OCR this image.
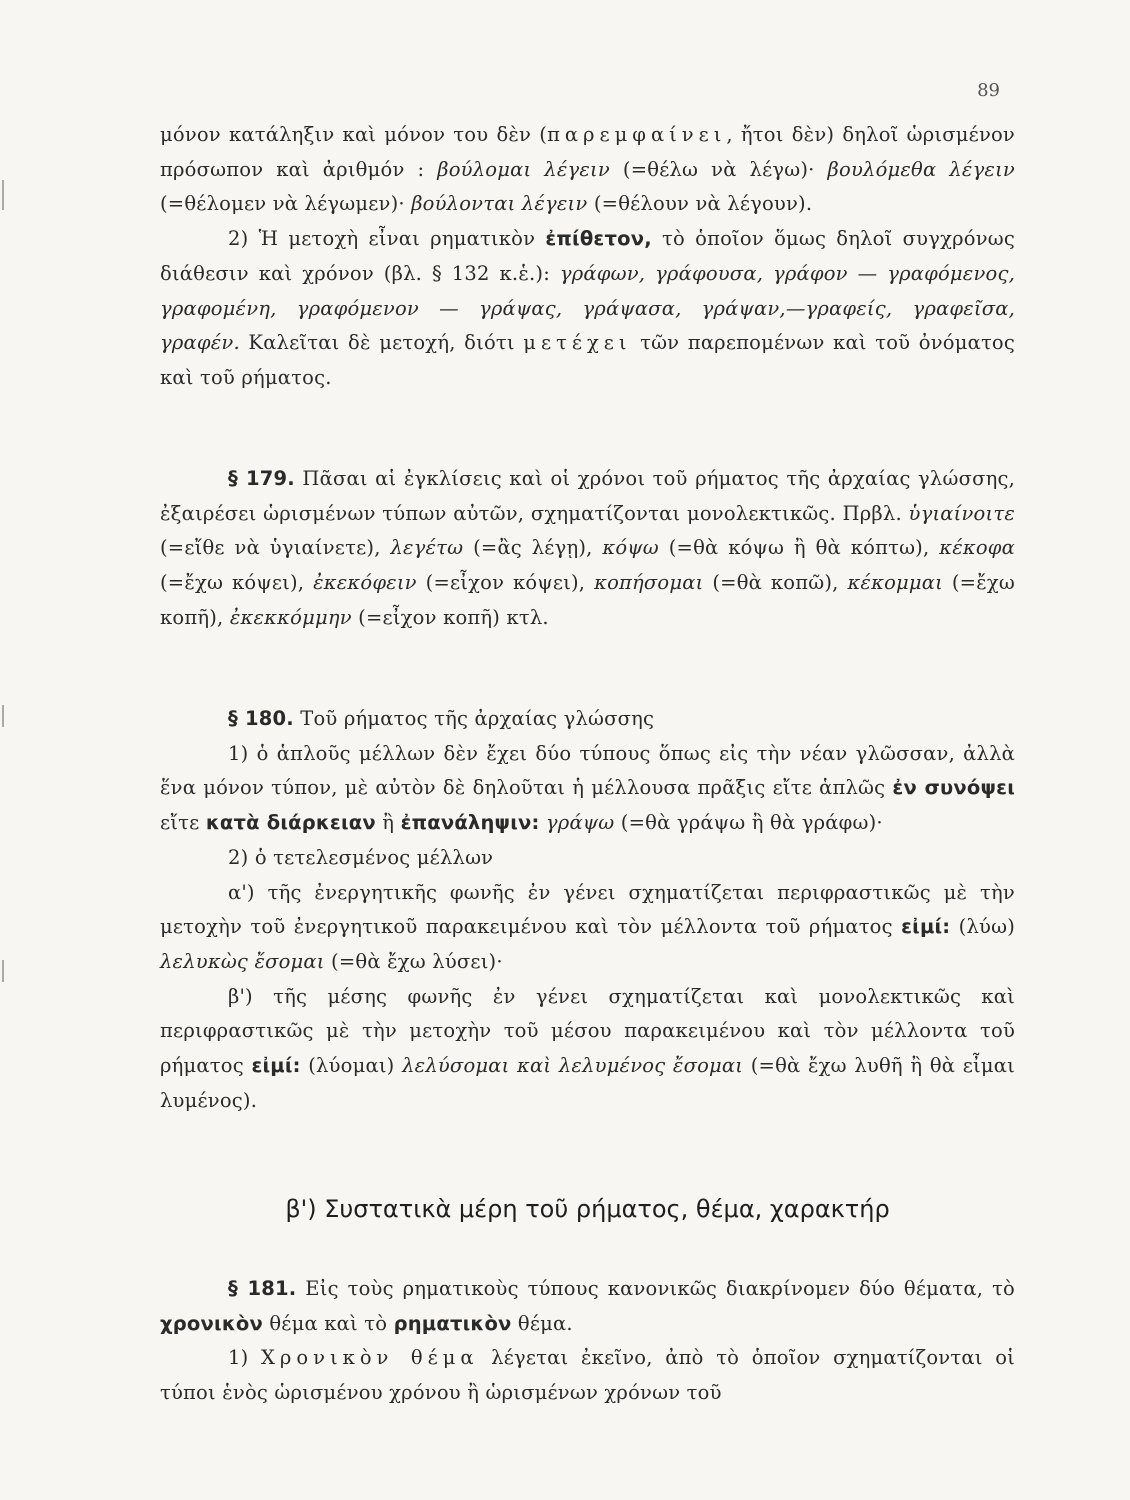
89

μόνον κατάληξιν καὶ μόνον του δὲν (παρεμφαίνει, ἤτοι δὲν) δηλοῖ ὡρισμένον πρόσωπον καὶ ἀριθμόν : βούλομαι λέγειν (=θέλω νὰ λέγω)· βουλόμεθα λέγειν (=θέλομεν νὰ λέγωμεν)· βούλονται λέγειν (=θέλουν νὰ λέγουν).

2) Ἡ μετοχὴ εἶναι ρηματικὸν ἐπίθετον, τὸ ὁποῖον ὅμως δηλοῖ συγχρόνως διάθεσιν καὶ χρόνον (βλ. § 132 κ.ἑ.): γράφων, γράφουσα, γράφον — γραφόμενος, γραφομένη, γραφόμενον — γράψας, γράψασα, γράψαν,—γραφείς, γραφεῖσα, γραφέν. Καλεῖται δὲ μετοχή, διότι μετέχει τῶν παρεπομένων καὶ τοῦ ὀνόματος καὶ τοῦ ρήματος.

§ 179. Πᾶσαι αἱ ἐγκλίσεις καὶ οἱ χρόνοι τοῦ ρήματος τῆς ἀρχαίας γλώσσης, ἐξαιρέσει ὡρισμένων τύπων αὐτῶν, σχηματίζονται μονολεκτικῶς. Πρβλ. ὑγιαίνοιτε (=εἴθε νὰ ὑγιαίνετε), λεγέτω (=ἂς λέγῃ), κόψω (=θὰ κόψω ἢ θὰ κόπτω), κέκοφα (=ἔχω κόψει), ἐκεκόφειν (=εἶχον κόψει), κοπήσομαι (=θὰ κοπῶ), κέκομμαι (=ἔχω κοπῆ), ἐκεκκόμμην (=εἶχον κοπῆ) κτλ.

§ 180. Τοῦ ρήματος τῆς ἀρχαίας γλώσσης

1) ὁ ἁπλοῦς μέλλων δὲν ἔχει δύο τύπους ὅπως εἰς τὴν νέαν γλῶσσαν, ἀλλὰ ἕνα μόνον τύπον, μὲ αὐτὸν δὲ δηλοῦται ἡ μέλλουσα πρᾶξις εἴτε ἁπλῶς ἐν συνόψει εἴτε κατὰ διάρκειαν ἢ ἐπανάληψιν: γράψω (=θὰ γράψω ἢ θὰ γράφω)·

2) ὁ τετελεσμένος μέλλων

α') τῆς ἐνεργητικῆς φωνῆς ἐν γένει σχηματίζεται περιφραστικῶς μὲ τὴν μετοχὴν τοῦ ἐνεργητικοῦ παρακειμένου καὶ τὸν μέλλοντα τοῦ ρήματος εἰμί: (λύω) λελυκὼς ἔσομαι (=θὰ ἔχω λύσει)·

β') τῆς μέσης φωνῆς ἐν γένει σχηματίζεται καὶ μονολεκτικῶς καὶ περιφραστικῶς μὲ τὴν μετοχὴν τοῦ μέσου παρακειμένου καὶ τὸν μέλλοντα τοῦ ρήματος εἰμί: (λύομαι) λελύσομαι καὶ λελυμένος ἔσομαι (=θὰ ἔχω λυθῆ ἢ θὰ εἶμαι λυμένος).

β') Συστατικὰ μέρη τοῦ ρήματος, θέμα, χαρακτήρ

§ 181. Εἰς τοὺς ρηματικοὺς τύπους κανονικῶς διακρίνομεν δύο θέματα, τὸ χρονικὸν θέμα καὶ τὸ ρηματικὸν θέμα.

1) Χρονικὸν θέμα λέγεται ἐκεῖνο, ἀπὸ τὸ ὁποῖον σχηματίζονται οἱ τύποι ἑνὸς ὡρισμένου χρόνου ἢ ὡρισμένων χρόνων τοῦ
